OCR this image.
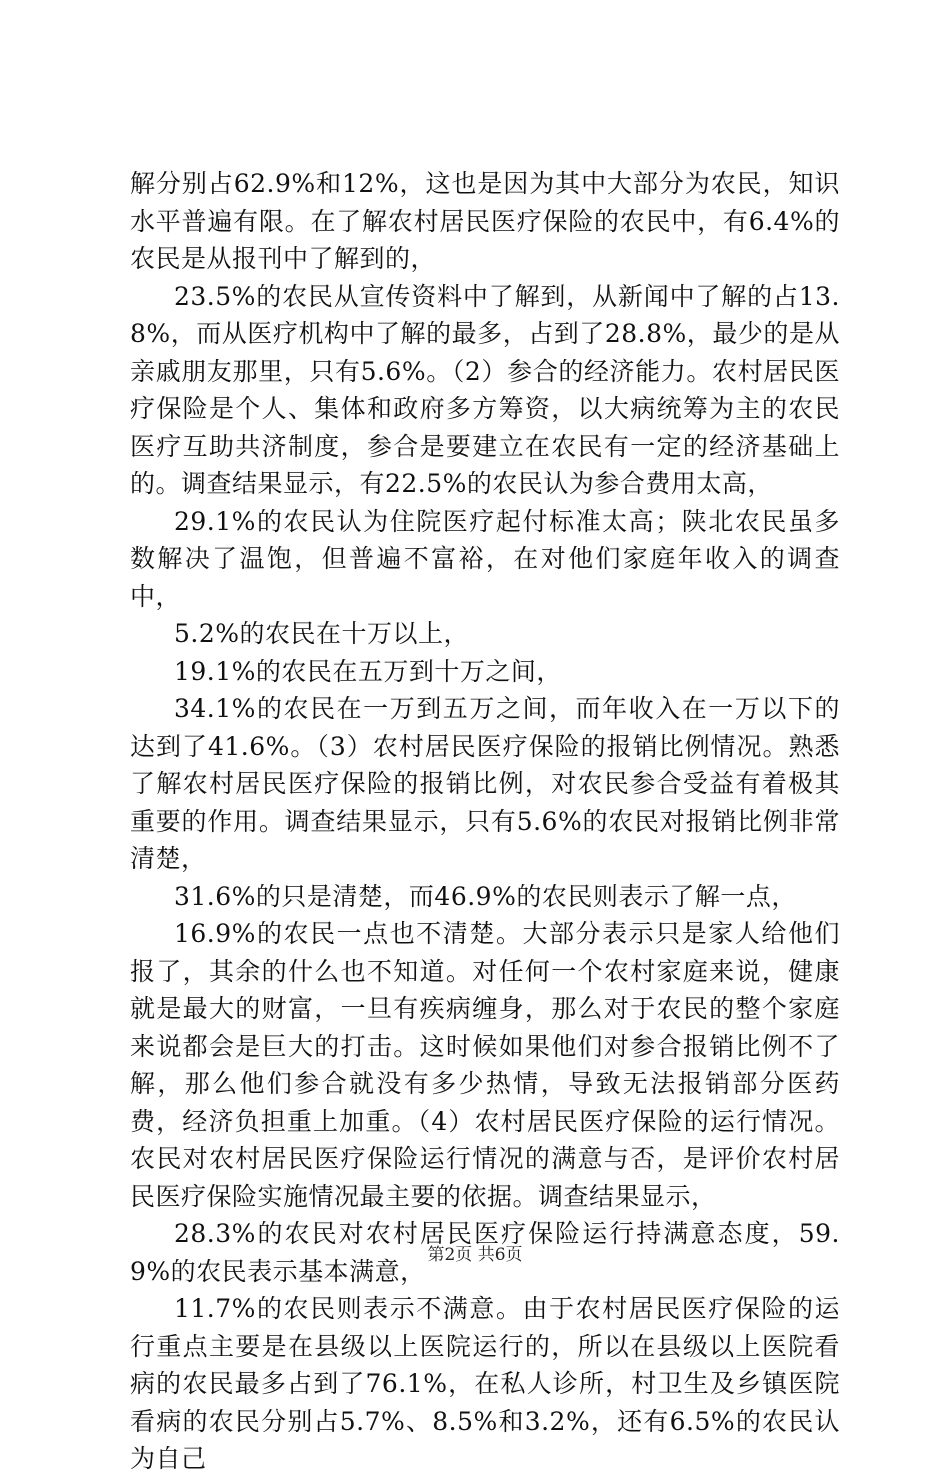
解分别占62.9%和12%，这也是因为其中大部分为农民，知识水平普遍有限。在了解农村居民医疗保险的农民中，有6.4%的农民是从报刊中了解到的，

23.5%的农民从宣传资料中了解到，从新闻中了解的占13.8%，而从医疗机构中了解的最多，占到了28.8%，最少的是从亲戚朋友那里，只有5.6%。（2）参合的经济能力。农村居民医疗保险是个人、集体和政府多方筹资，以大病统筹为主的农民医疗互助共济制度，参合是要建立在农民有一定的经济基础上的。调查结果显示，有22.5%的农民认为参合费用太高，

29.1%的农民认为住院医疗起付标准太高；陕北农民虽多数解决了温饱，但普遍不富裕，在对他们家庭年收入的调查中，

5.2%的农民在十万以上，

19.1%的农民在五万到十万之间，

34.1%的农民在一万到五万之间，而年收入在一万以下的达到了41.6%。（3）农村居民医疗保险的报销比例情况。熟悉了解农村居民医疗保险的报销比例，对农民参合受益有着极其重要的作用。调查结果显示，只有5.6%的农民对报销比例非常清楚，

31.6%的只是清楚，而46.9%的农民则表示了解一点，

16.9%的农民一点也不清楚。大部分表示只是家人给他们报了，其余的什么也不知道。对任何一个农村家庭来说，健康就是最大的财富，一旦有疾病缠身，那么对于农民的整个家庭来说都会是巨大的打击。这时候如果他们对参合报销比例不了解，那么他们参合就没有多少热情，导致无法报销部分医药费，经济负担重上加重。（4）农村居民医疗保险的运行情况。农民对农村居民医疗保险运行情况的满意与否，是评价农村居民医疗保险实施情况最主要的依据。调查结果显示，

28.3%的农民对农村居民医疗保险运行持满意态度，59.9%的农民表示基本满意，

11.7%的农民则表示不满意。由于农村居民医疗保险的运行重点主要是在县级以上医院运行的，所以在县级以上医院看病的农民最多占到了76.1%，在私人诊所，村卫生及乡镇医院看病的农民分别占5.7%、8.5%和3.2%，还有6.5%的农民认为自己

第2页 共6页
